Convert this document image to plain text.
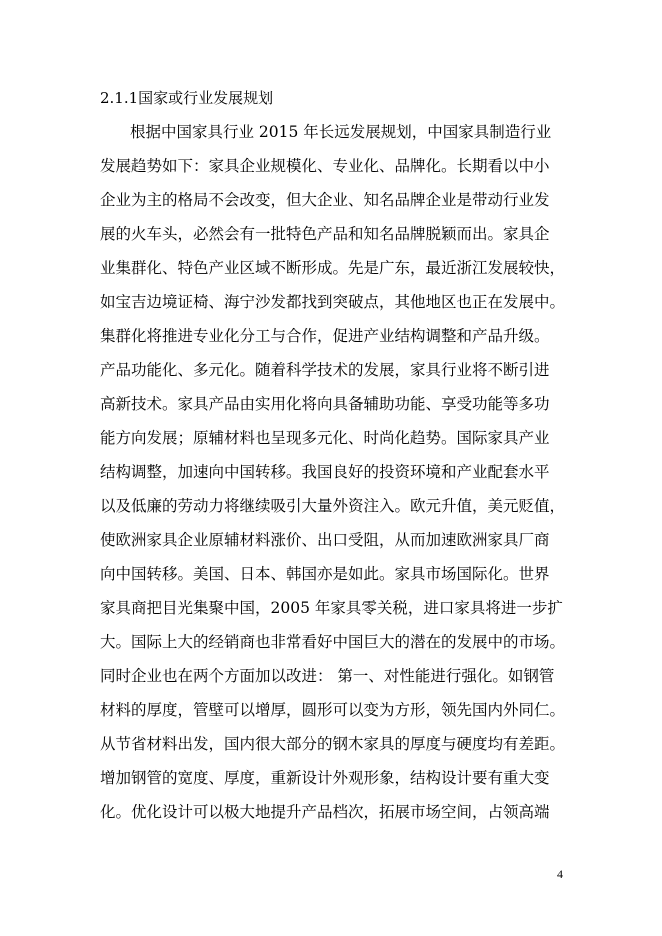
2.1.1国家或行业发展规划
根据中国家具行业 2015 年长远发展规划，中国家具制造行业
发展趋势如下：家具企业规模化、专业化、品牌化。长期看以中小
企业为主的格局不会改变，但大企业、知名品牌企业是带动行业发
展的火车头，必然会有一批特色产品和知名品牌脱颖而出。家具企
业集群化、特色产业区域不断形成。先是广东，最近浙江发展较快，
如宝吉边境证椅、海宁沙发都找到突破点，其他地区也正在发展中。
集群化将推进专业化分工与合作，促进产业结构调整和产品升级。
产品功能化、多元化。随着科学技术的发展，家具行业将不断引进
高新技术。家具产品由实用化将向具备辅助功能、享受功能等多功
能方向发展；原辅材料也呈现多元化、时尚化趋势。国际家具产业
结构调整，加速向中国转移。我国良好的投资环境和产业配套水平
以及低廉的劳动力将继续吸引大量外资注入。欧元升值，美元贬值，
使欧洲家具企业原辅材料涨价、出口受阻，从而加速欧洲家具厂商
向中国转移。美国、日本、韩国亦是如此。家具市场国际化。世界
家具商把目光集聚中国，2005 年家具零关税，进口家具将进一步扩
大。国际上大的经销商也非常看好中国巨大的潜在的发展中的市场。
同时企业也在两个方面加以改进： 第一、对性能进行强化。如钢管
材料的厚度，管壁可以增厚，圆形可以变为方形，领先国内外同仁。
从节省材料出发，国内很大部分的钢木家具的厚度与硬度均有差距。
增加钢管的宽度、厚度，重新设计外观形象，结构设计要有重大变
化。优化设计可以极大地提升产品档次，拓展市场空间，占领高端
4
